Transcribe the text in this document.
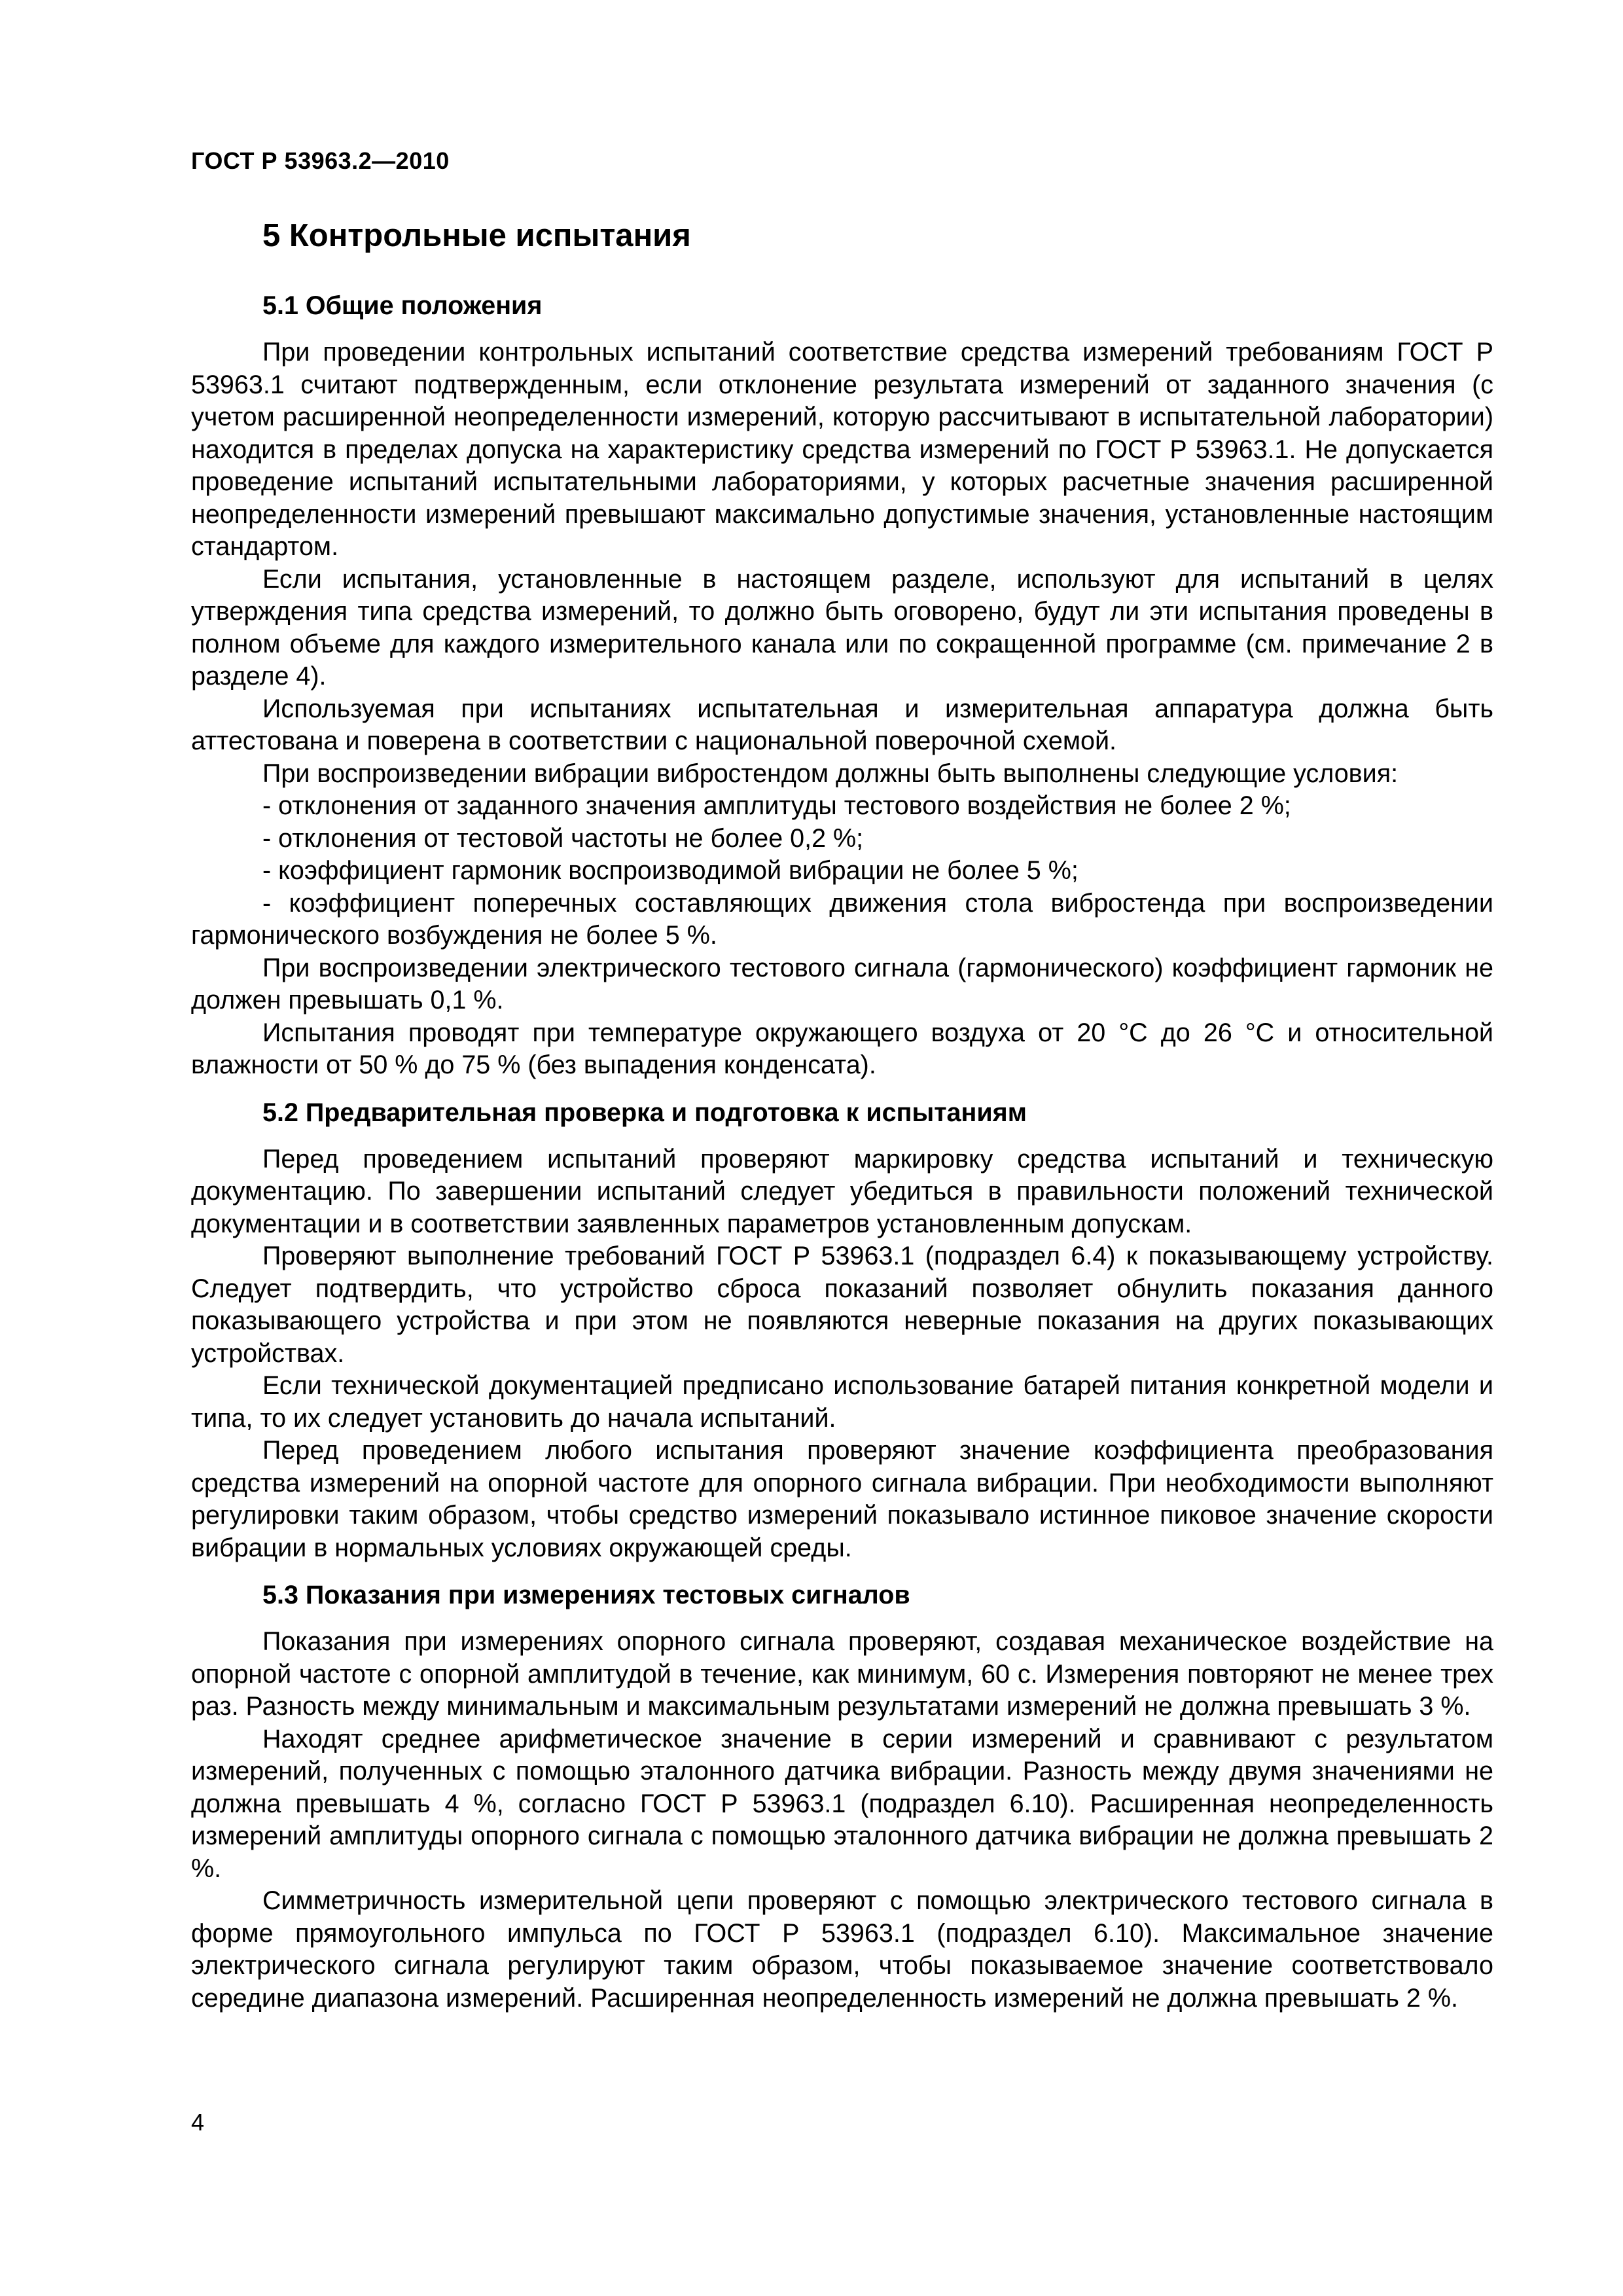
ГОСТ Р 53963.2—2010
5 Контрольные испытания
5.1 Общие положения

При проведении контрольных испытаний соответствие средства измерений требованиям ГОСТ Р 53963.1 считают подтвержденным, если отклонение результата измерений от заданного значения (с учетом расширенной неопределенности измерений, которую рассчитывают в испытательной лаборатории) находится в пределах допуска на характеристику средства измерений по ГОСТ Р 53963.1. Не допускается проведение испытаний испытательными лабораториями, у которых расчетные значения расширенной неопределенности измерений превышают максимально допустимые значения, установленные настоящим стандартом.

Если испытания, установленные в настоящем разделе, используют для испытаний в целях утверждения типа средства измерений, то должно быть оговорено, будут ли эти испытания проведены в полном объеме для каждого измерительного канала или по сокращенной программе (см. примечание 2 в разделе 4).

Используемая при испытаниях испытательная и измерительная аппаратура должна быть аттестована и поверена в соответствии с национальной поверочной схемой.

При воспроизведении вибрации вибростендом должны быть выполнены следующие условия:

- отклонения от заданного значения амплитуды тестового воздействия не более 2 %;

- отклонения от тестовой частоты не более 0,2 %;

- коэффициент гармоник воспроизводимой вибрации не более 5 %;

- коэффициент поперечных составляющих движения стола вибростенда при воспроизведении гармонического возбуждения не более 5 %.

При воспроизведении электрического тестового сигнала (гармонического) коэффициент гармоник не должен превышать 0,1 %.

Испытания проводят при температуре окружающего воздуха от 20 °C до 26 °C и относительной влажности от 50 % до 75 % (без выпадения конденсата).

5.2 Предварительная проверка и подготовка к испытаниям

Перед проведением испытаний проверяют маркировку средства испытаний и техническую документацию. По завершении испытаний следует убедиться в правильности положений технической документации и в соответствии заявленных параметров установленным допускам.

Проверяют выполнение требований ГОСТ Р 53963.1 (подраздел 6.4) к показывающему устройству. Следует подтвердить, что устройство сброса показаний позволяет обнулить показания данного показывающего устройства и при этом не появляются неверные показания на других показывающих устройствах.

Если технической документацией предписано использование батарей питания конкретной модели и типа, то их следует установить до начала испытаний.

Перед проведением любого испытания проверяют значение коэффициента преобразования средства измерений на опорной частоте для опорного сигнала вибрации. При необходимости выполняют регулировки таким образом, чтобы средство измерений показывало истинное пиковое значение скорости вибрации в нормальных условиях окружающей среды.

5.3 Показания при измерениях тестовых сигналов

Показания при измерениях опорного сигнала проверяют, создавая механическое воздействие на опорной частоте с опорной амплитудой в течение, как минимум, 60 с. Измерения повторяют не менее трех раз. Разность между минимальным и максимальным результатами измерений не должна превышать 3 %.

Находят среднее арифметическое значение в серии измерений и сравнивают с результатом измерений, полученных с помощью эталонного датчика вибрации. Разность между двумя значениями не должна превышать 4 %, согласно ГОСТ Р 53963.1 (подраздел 6.10). Расширенная неопределенность измерений амплитуды опорного сигнала с помощью эталонного датчика вибрации не должна превышать 2 %.

Симметричность измерительной цепи проверяют с помощью электрического тестового сигнала в форме прямоугольного импульса по ГОСТ Р 53963.1 (подраздел 6.10). Максимальное значение электрического сигнала регулируют таким образом, чтобы показываемое значение соответствовало середине диапазона измерений. Расширенная неопределенность измерений не должна превышать 2 %.

4
